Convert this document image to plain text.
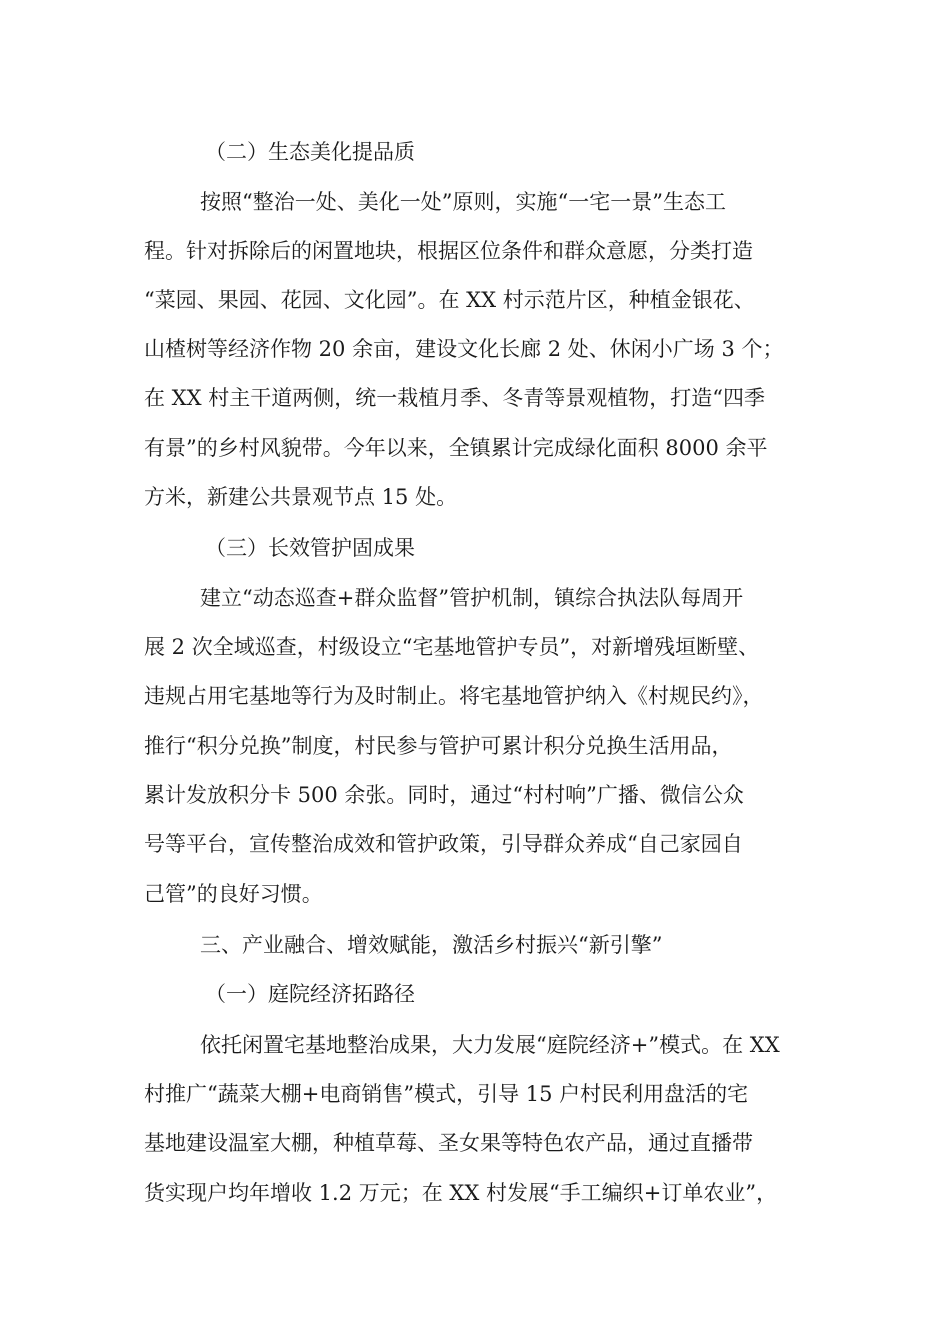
（二）生态美化提品质
按照“整治一处、美化一处”原则，实施“一宅一景”生态工
程。针对拆除后的闲置地块，根据区位条件和群众意愿，分类打造
“菜园、果园、花园、文化园”。在 XX 村示范片区，种植金银花、
山楂树等经济作物 20 余亩，建设文化长廊 2 处、休闲小广场 3 个；
在 XX 村主干道两侧，统一栽植月季、冬青等景观植物，打造“四季
有景”的乡村风貌带。今年以来，全镇累计完成绿化面积 8000 余平
方米，新建公共景观节点 15 处。
（三）长效管护固成果
建立“动态巡查+群众监督”管护机制，镇综合执法队每周开
展 2 次全域巡查，村级设立“宅基地管护专员”，对新增残垣断壁、
违规占用宅基地等行为及时制止。将宅基地管护纳入《村规民约》，
推行“积分兑换”制度，村民参与管护可累计积分兑换生活用品，
累计发放积分卡 500 余张。同时，通过“村村响”广播、微信公众
号等平台，宣传整治成效和管护政策，引导群众养成“自己家园自
己管”的良好习惯。
三、产业融合、增效赋能，激活乡村振兴“新引擎”
（一）庭院经济拓路径
依托闲置宅基地整治成果，大力发展“庭院经济+”模式。在 XX
村推广“蔬菜大棚+电商销售”模式，引导 15 户村民利用盘活的宅
基地建设温室大棚，种植草莓、圣女果等特色农产品，通过直播带
货实现户均年增收 1.2 万元；在 XX 村发展“手工编织+订单农业”，
